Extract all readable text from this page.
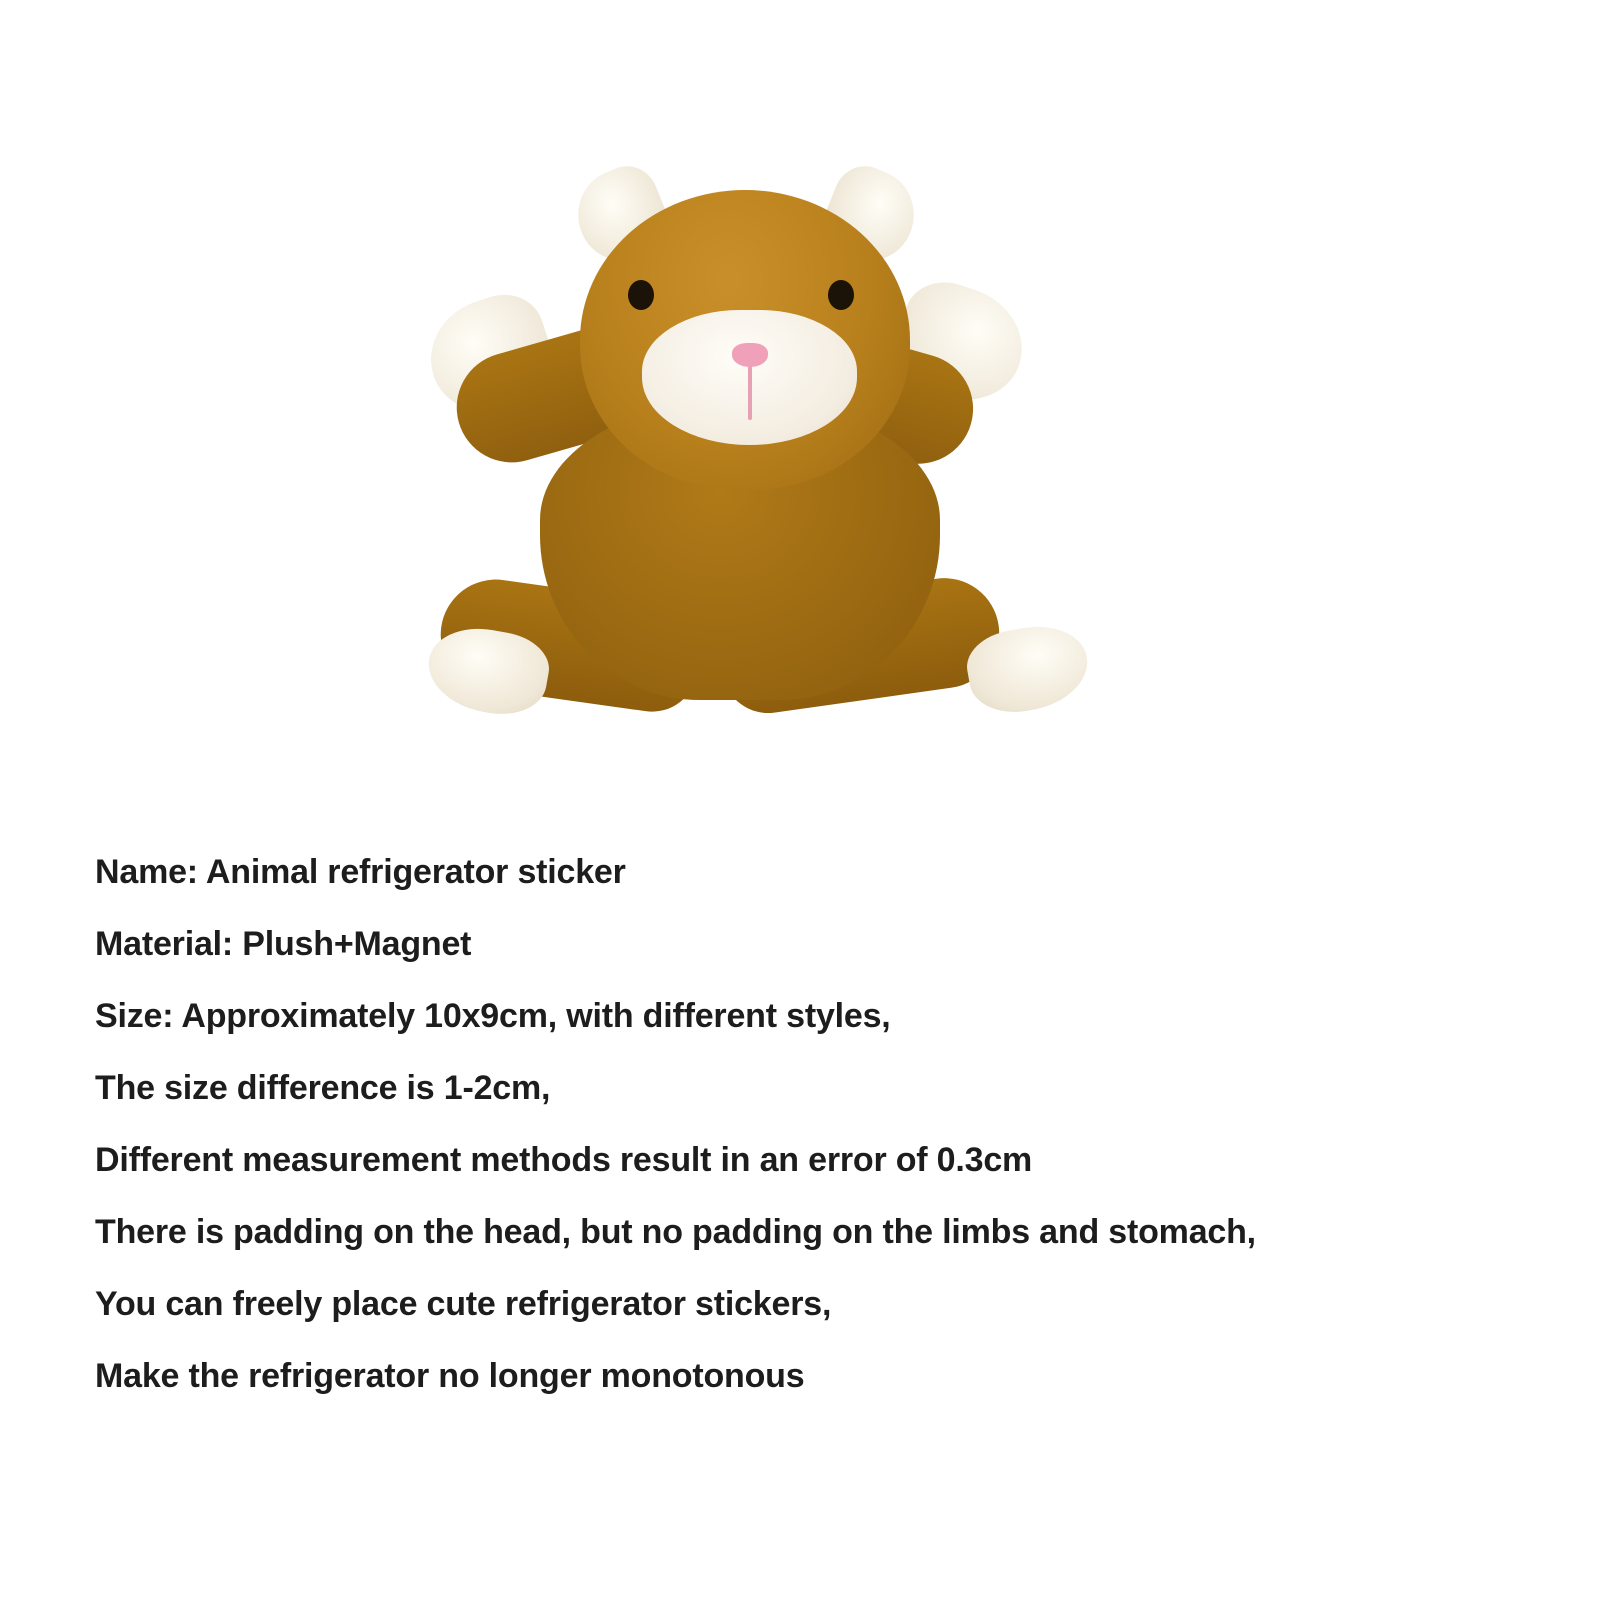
Name: Animal refrigerator sticker

Material: Plush+Magnet

Size: Approximately 10x9cm, with different styles,

The size difference is 1-2cm,

Different measurement methods result in an error of 0.3cm

There is padding on the head, but no padding on the limbs and stomach,

You can freely place cute refrigerator stickers,

Make the refrigerator no longer monotonous
